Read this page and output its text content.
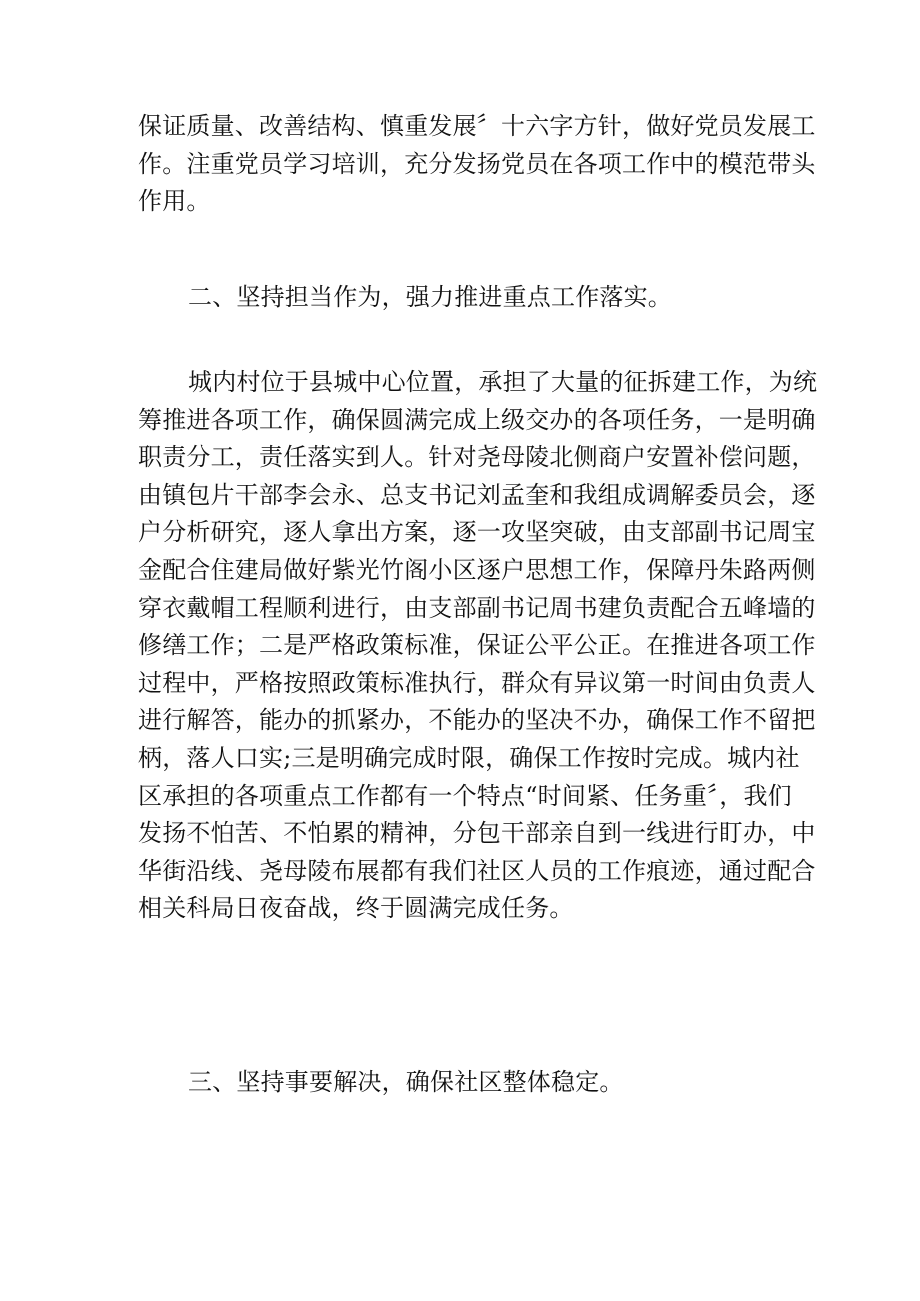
保证质量、改善结构、慎重发展〞十六字方针，做好党员发展工
作。注重党员学习培训，充分发扬党员在各项工作中的模范带头
作用。
二、坚持担当作为，强力推进重点工作落实。
城内村位于县城中心位置，承担了大量的征拆建工作，为统
筹推进各项工作，确保圆满完成上级交办的各项任务，一是明确
职责分工，责任落实到人。针对尧母陵北侧商户安置补偿问题，
由镇包片干部李会永、总支书记刘孟奎和我组成调解委员会，逐
户分析研究，逐人拿出方案，逐一攻坚突破，由支部副书记周宝
金配合住建局做好紫光竹阁小区逐户思想工作，保障丹朱路两侧
穿衣戴帽工程顺利进行，由支部副书记周书建负责配合五峰墙的
修缮工作；二是严格政策标准，保证公平公正。在推进各项工作
过程中，严格按照政策标准执行，群众有异议第一时间由负责人
进行解答，能办的抓紧办，不能办的坚决不办，确保工作不留把
柄，落人口实;三是明确完成时限，确保工作按时完成。城内社
区承担的各项重点工作都有一个特点“时间紧、任务重〞，我们
发扬不怕苦、不怕累的精神，分包干部亲自到一线进行盯办，中
华街沿线、尧母陵布展都有我们社区人员的工作痕迹，通过配合
相关科局日夜奋战，终于圆满完成任务。
三、坚持事要解决，确保社区整体稳定。
